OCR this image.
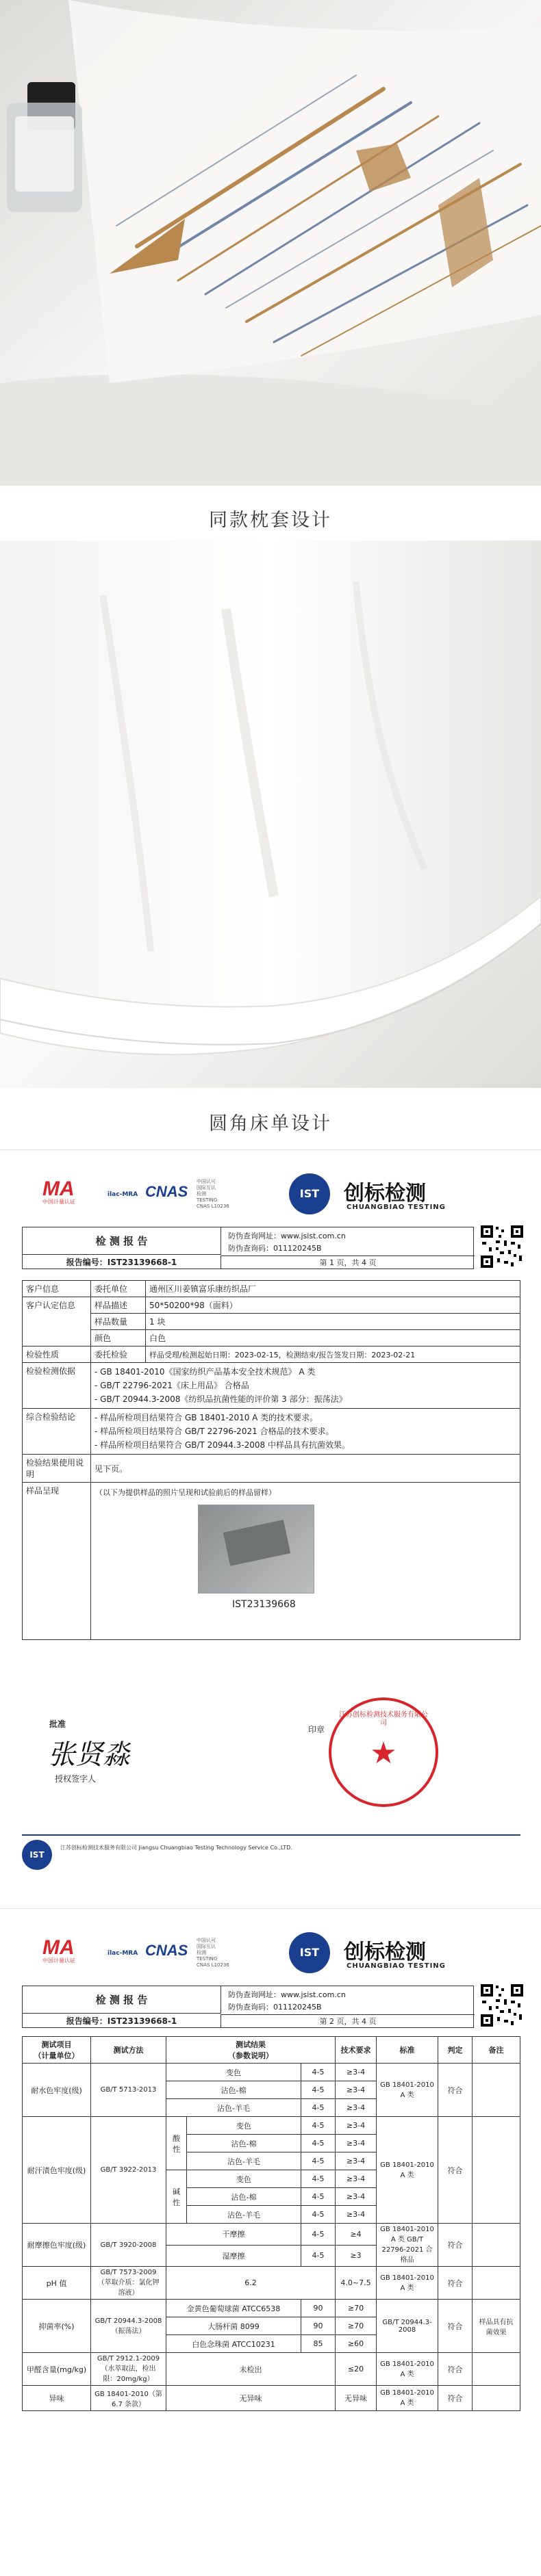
同款枕套设计
圆角床单设计
MA
中国计量认证
ilac-MRA CNAS
中国认可
国际互认
检测
TESTING
CNAS L10236
IST	创标检测
CHUANGBIAO TESTING
检 测 报 告	防伪查询网址：www.jsist.com.cn
防伪查询码：011120245B
报告编号：IST23139668-1	第 1 页，共 4 页
客户信息	委托单位	通州区川姜镇富乐康纺织品厂
客户认定信息	样品描述	50*50200*98（面料）
	样品数量	1 块
	颜色	白色
检验性质	委托检验	样品受理/检测起始日期：2023-02-15，检测结束/报告签发日期：2023-02-21
检验检测依据	- GB 18401-2010《国家纺织产品基本安全技术规范》 A 类
- GB/T 22796-2021《床上用品》 合格品
- GB/T 20944.3-2008《纺织品抗菌性能的评价第 3 部分：振荡法》	

综合检验结论	- 样品所检项目结果符合 GB 18401-2010 A 类的技术要求。
- 样品所检项目结果符合 GB/T 22796-2021 合格品的技术要求。
- 样品所检项目结果符合 GB/T 20944.3-2008 中样品具有抗菌效果。	

检验结果使用说明	见下页。	
样品呈现	（以下为提供样品的照片呈现和试验前后的样品留样）
IST23139668	
批准
张贤淼
授权签字人
印章
★
江苏创标检测技术服务有限公司
IST
江苏创标检测技术服务有限公司 Jiangsu Chuangbiao Testing Technology Service Co.,LTD.
MA
中国计量认证
ilac-MRA CNAS
中国认可
国际互认
检测
TESTING
CNAS L10236
IST	创标检测
CHUANGBIAO TESTING
检 测 报 告	防伪查询网址：www.jsist.com.cn
防伪查询码：011120245B
报告编号：IST23139668-1	第 2 页，共 4 页
测试项目
（计量单位）	测试方法	测试结果
（参数说明）			技术要求	标准	判定	备注
耐水色牢度(级)	GB/T 5713-2013	变色		4-5	≥3-4	GB 18401-2010 A 类	符合	
		沾色-棉		4-5	≥3-4			
		沾色-羊毛		4-5	≥3-4			
耐汗渍色牢度(级)	GB/T 3922-2013	酸性	变色	4-5	≥3-4	GB 18401-2010 A 类	符合	
			沾色-棉	4-5	≥3-4			
			沾色-羊毛	4-5	≥3-4			
		碱性	变色	4-5	≥3-4			
			沾色-棉	4-5	≥3-4			
			沾色-羊毛	4-5	≥3-4			
耐摩擦色牢度(级)	GB/T 3920-2008	干摩擦		4-5	≥4	GB 18401-2010 A 类 GB/T 22796-2021 合格品	符合	
		湿摩擦		4-5	≥3			
pH 值	GB/T 7573-2009（萃取介质：氯化钾溶液）	6.2			4.0~7.5	GB 18401-2010 A 类	符合	
抑菌率(%)	GB/T 20944.3-2008（振荡法）	金黄色葡萄球菌 ATCC6538		90	≥70	GB/T 20944.3-2008	符合	样品具有抗菌效果
		大肠杆菌 8099		90	≥70			
		白色念珠菌 ATCC10231		85	≥60			
甲醛含量(mg/kg)	GB/T 2912.1-2009（水萃取法，检出限：20mg/kg）	未检出			≤20	GB 18401-2010 A 类	符合	
异味	GB 18401-2010（第 6.7 条款）	无异味			无异味	GB 18401-2010 A 类	符合	
